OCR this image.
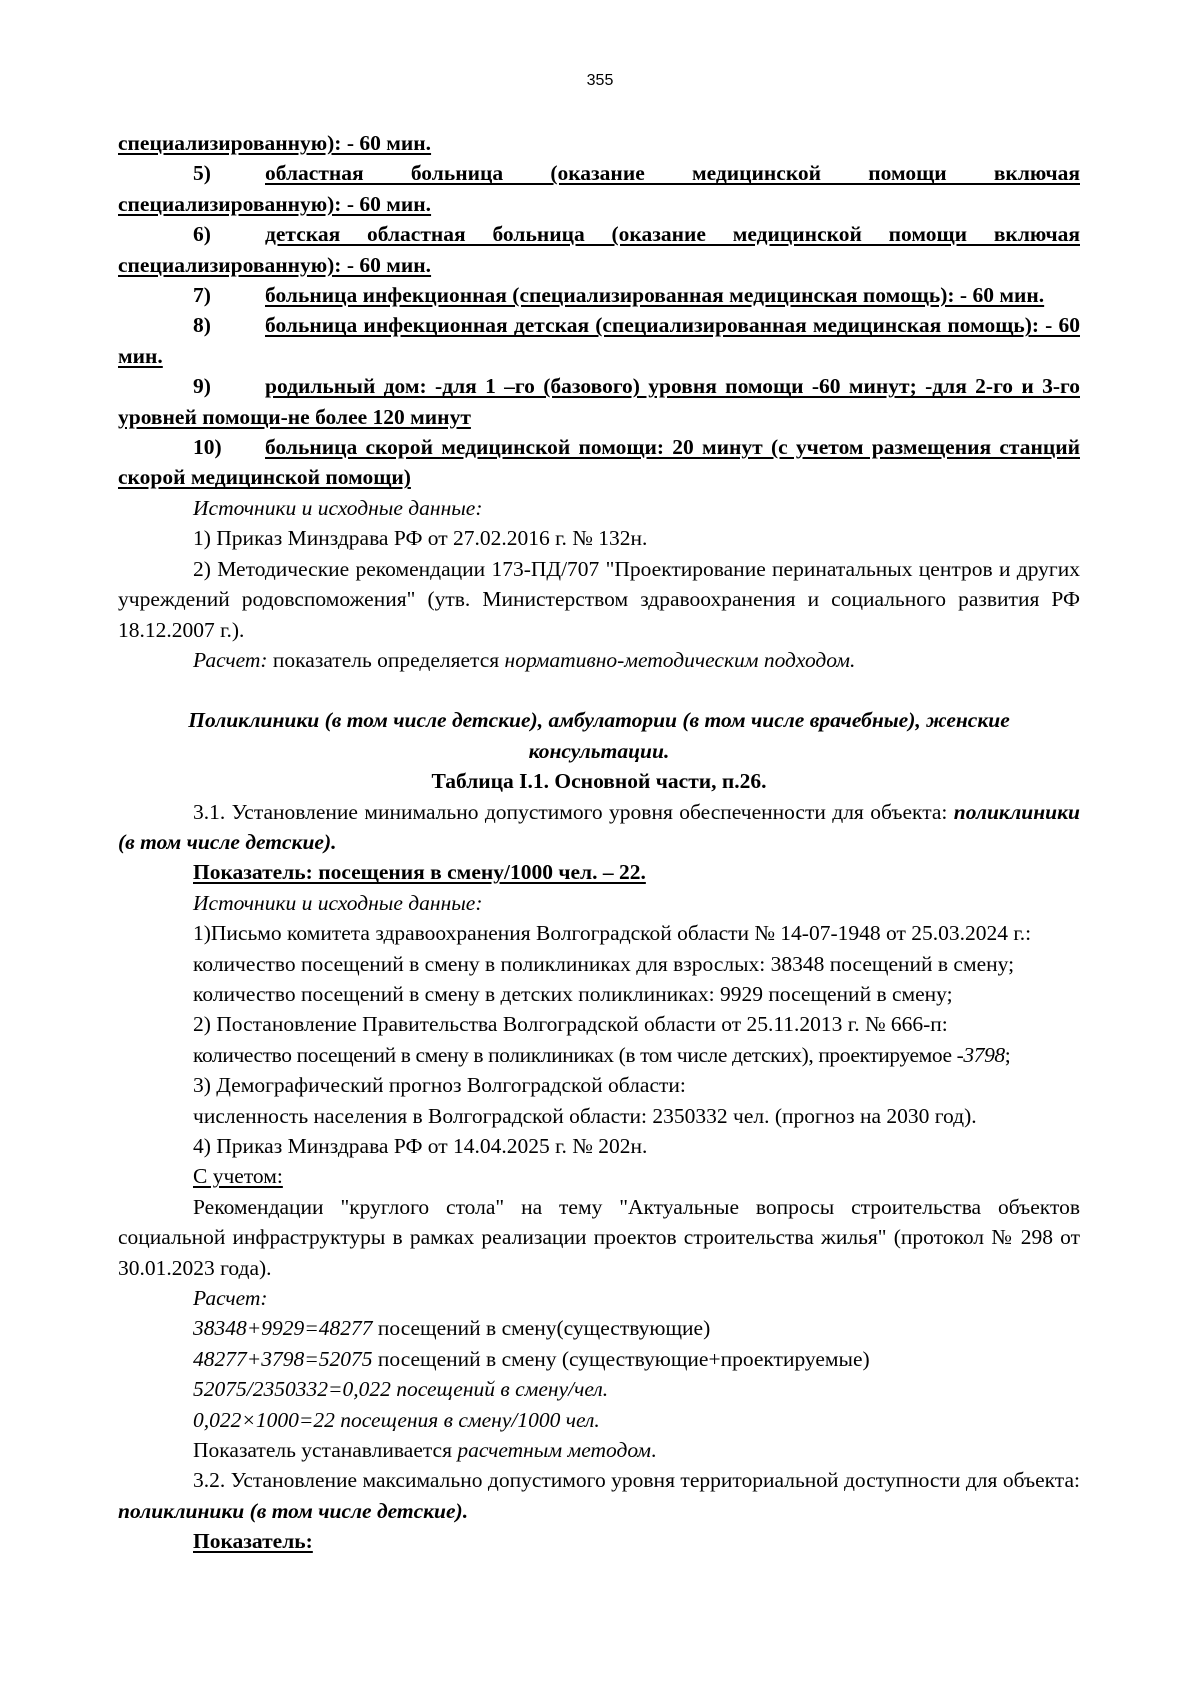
355

специализированную): - 60 мин.

5)	областная больница (оказание медицинской помощи включая специализированную): - 60 мин.

6)	детская областная больница (оказание медицинской помощи включая специализированную): - 60 мин.

7)	больница инфекционная (специализированная медицинская помощь): - 60 мин.

8)	больница инфекционная детская (специализированная медицинская помощь): - 60 мин.

9)	родильный дом: -для 1 –го (базового) уровня помощи -60 минут; -для 2-го и 3-го уровней помощи-не более 120 минут

10) больница скорой медицинской помощи: 20 минут (с учетом размещения станций скорой медицинской помощи)

Источники и исходные данные:

1) Приказ Минздрава РФ от 27.02.2016 г. № 132н.

2) Методические рекомендации 173-ПД/707 "Проектирование перинатальных центров и других учреждений родовспоможения" (утв. Министерством здравоохранения и социального развития РФ 18.12.2007 г.).

Расчет: показатель определяется нормативно-методическим подходом.

Поликлиники (в том числе детские), амбулатории (в том числе врачебные), женские консультации.

Таблица I.1. Основной части, п.26.

3.1. Установление минимально допустимого уровня обеспеченности для объекта: поликлиники (в том числе детские).

Показатель: посещения в смену/1000 чел. – 22.

Источники и исходные данные:

1)Письмо комитета здравоохранения Волгоградской области № 14-07-1948 от 25.03.2024 г.:

количество посещений в смену в поликлиниках для взрослых: 38348 посещений в смену;

количество посещений в смену в детских поликлиниках: 9929 посещений в смену;

2) Постановление Правительства Волгоградской области от 25.11.2013 г. № 666-п:

количество посещений в смену в поликлиниках (в том числе детских), проектируемое -3798;

3) Демографический прогноз Волгоградской области:

численность населения в Волгоградской области: 2350332 чел. (прогноз на 2030 год).

4) Приказ Минздрава РФ от 14.04.2025 г. № 202н.

С учетом:

Рекомендации "круглого стола" на тему "Актуальные вопросы строительства объектов социальной инфраструктуры в рамках реализации проектов строительства жилья" (протокол № 298 от 30.01.2023 года).

Расчет:

38348+9929=48277 посещений в смену(существующие)

48277+3798=52075 посещений в смену (существующие+проектируемые)

52075/2350332=0,022 посещений в смену/чел.

0,022×1000=22 посещения в смену/1000 чел.

Показатель устанавливается расчетным методом.

3.2. Установление максимально допустимого уровня территориальной доступности для объекта: поликлиники (в том числе детские).

Показатель:
